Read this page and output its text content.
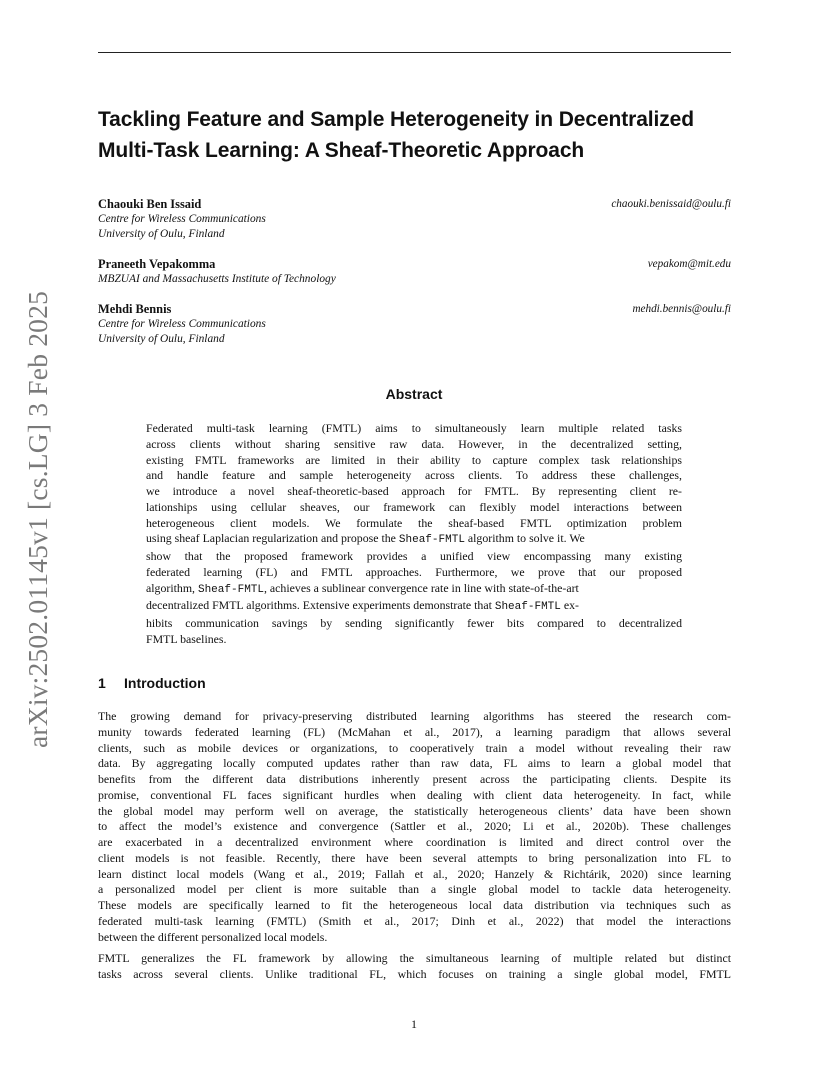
arXiv:2502.01145v1 [cs.LG] 3 Feb 2025
Tackling Feature and Sample Heterogeneity in Decentralized
Multi-Task Learning: A Sheaf-Theoretic Approach
Chaouki Ben Issaid
Centre for Wireless Communications
University of Oulu, Finland
chaouki.benissaid@oulu.fi
Praneeth Vepakomma
MBZUAI and Massachusetts Institute of Technology
vepakom@mit.edu
Mehdi Bennis
Centre for Wireless Communications
University of Oulu, Finland
mehdi.bennis@oulu.fi
Abstract
Federated multi-task learning (FMTL) aims to simultaneously learn multiple related tasks
across clients without sharing sensitive raw data. However, in the decentralized setting,
existing FMTL frameworks are limited in their ability to capture complex task relationships
and handle feature and sample heterogeneity across clients. To address these challenges,
we introduce a novel sheaf-theoretic-based approach for FMTL. By representing client re-
lationships using cellular sheaves, our framework can flexibly model interactions between
heterogeneous client models. We formulate the sheaf-based FMTL optimization problem
using sheaf Laplacian regularization and propose the Sheaf-FMTL algorithm to solve it. We
show that the proposed framework provides a unified view encompassing many existing
federated learning (FL) and FMTL approaches. Furthermore, we prove that our proposed
algorithm, Sheaf-FMTL, achieves a sublinear convergence rate in line with state-of-the-art
decentralized FMTL algorithms. Extensive experiments demonstrate that Sheaf-FMTL ex-
hibits communication savings by sending significantly fewer bits compared to decentralized
FMTL baselines.
1 Introduction
The growing demand for privacy-preserving distributed learning algorithms has steered the research com-
munity towards federated learning (FL) (McMahan et al., 2017), a learning paradigm that allows several
clients, such as mobile devices or organizations, to cooperatively train a model without revealing their raw
data. By aggregating locally computed updates rather than raw data, FL aims to learn a global model that
benefits from the different data distributions inherently present across the participating clients. Despite its
promise, conventional FL faces significant hurdles when dealing with client data heterogeneity. In fact, while
the global model may perform well on average, the statistically heterogeneous clients’ data have been shown
to affect the model’s existence and convergence (Sattler et al., 2020; Li et al., 2020b). These challenges
are exacerbated in a decentralized environment where coordination is limited and direct control over the
client models is not feasible. Recently, there have been several attempts to bring personalization into FL to
learn distinct local models (Wang et al., 2019; Fallah et al., 2020; Hanzely & Richtárik, 2020) since learning
a personalized model per client is more suitable than a single global model to tackle data heterogeneity.
These models are specifically learned to fit the heterogeneous local data distribution via techniques such as
federated multi-task learning (FMTL) (Smith et al., 2017; Dinh et al., 2022) that model the interactions
between the different personalized local models.
FMTL generalizes the FL framework by allowing the simultaneous learning of multiple related but distinct
tasks across several clients. Unlike traditional FL, which focuses on training a single global model, FMTL
1
